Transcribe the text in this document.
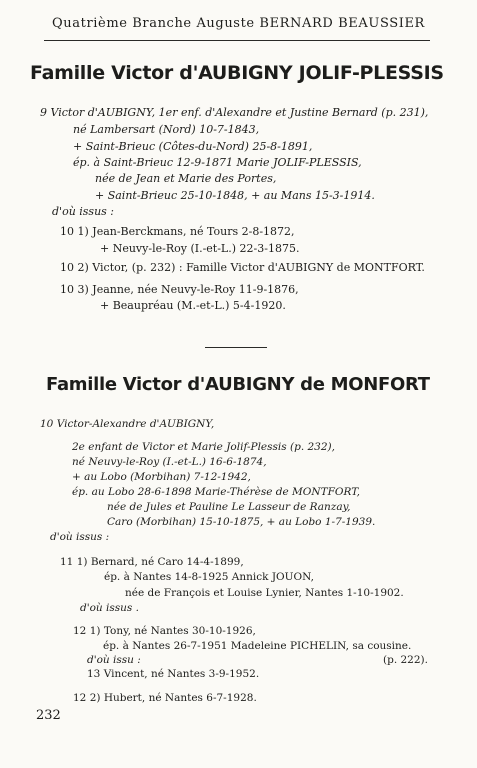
Quatrième Branche Auguste BERNARD BEAUSSIER
Famille Victor d'AUBIGNY JOLIF-PLESSIS
9 Victor d'AUBIGNY, 1er enf. d'Alexandre et Justine Bernard (p. 231),
né Lambersart (Nord) 10-7-1843,
+ Saint-Brieuc (Côtes-du-Nord) 25-8-1891,
ép. à Saint-Brieuc 12-9-1871 Marie JOLIF-PLESSIS,
née de Jean et Marie des Portes,
+ Saint-Brieuc 25-10-1848, + au Mans 15-3-1914.
d'où issus :
10 1) Jean-Berckmans, né Tours 2-8-1872,
+ Neuvy-le-Roy (I.-et-L.) 22-3-1875.
10 2) Victor, (p. 232) : Famille Victor d'AUBIGNY de MONTFORT.
10 3) Jeanne, née Neuvy-le-Roy 11-9-1876,
+ Beaupréau (M.-et-L.) 5-4-1920.
Famille Victor d'AUBIGNY de MONFORT
10 Victor-Alexandre d'AUBIGNY,
2e enfant de Victor et Marie Jolif-Plessis (p. 232),
né Neuvy-le-Roy (I.-et-L.) 16-6-1874,
+ au Lobo (Morbihan) 7-12-1942,
ép. au Lobo 28-6-1898 Marie-Thérèse de MONTFORT,
née de Jules et Pauline Le Lasseur de Ranzay,
Caro (Morbihan) 15-10-1875, + au Lobo 1-7-1939.
d'où issus :
11 1) Bernard, né Caro 14-4-1899,
ép. à Nantes 14-8-1925 Annick JOUON,
née de François et Louise Lynier, Nantes 1-10-1902.
d'où issus .
12 1) Tony, né Nantes 30-10-1926,
ép. à Nantes 26-7-1951 Madeleine PICHELIN, sa cousine.
d'où issu :	(p. 222).
13 Vincent, né Nantes 3-9-1952.
12 2) Hubert, né Nantes 6-7-1928.
232
